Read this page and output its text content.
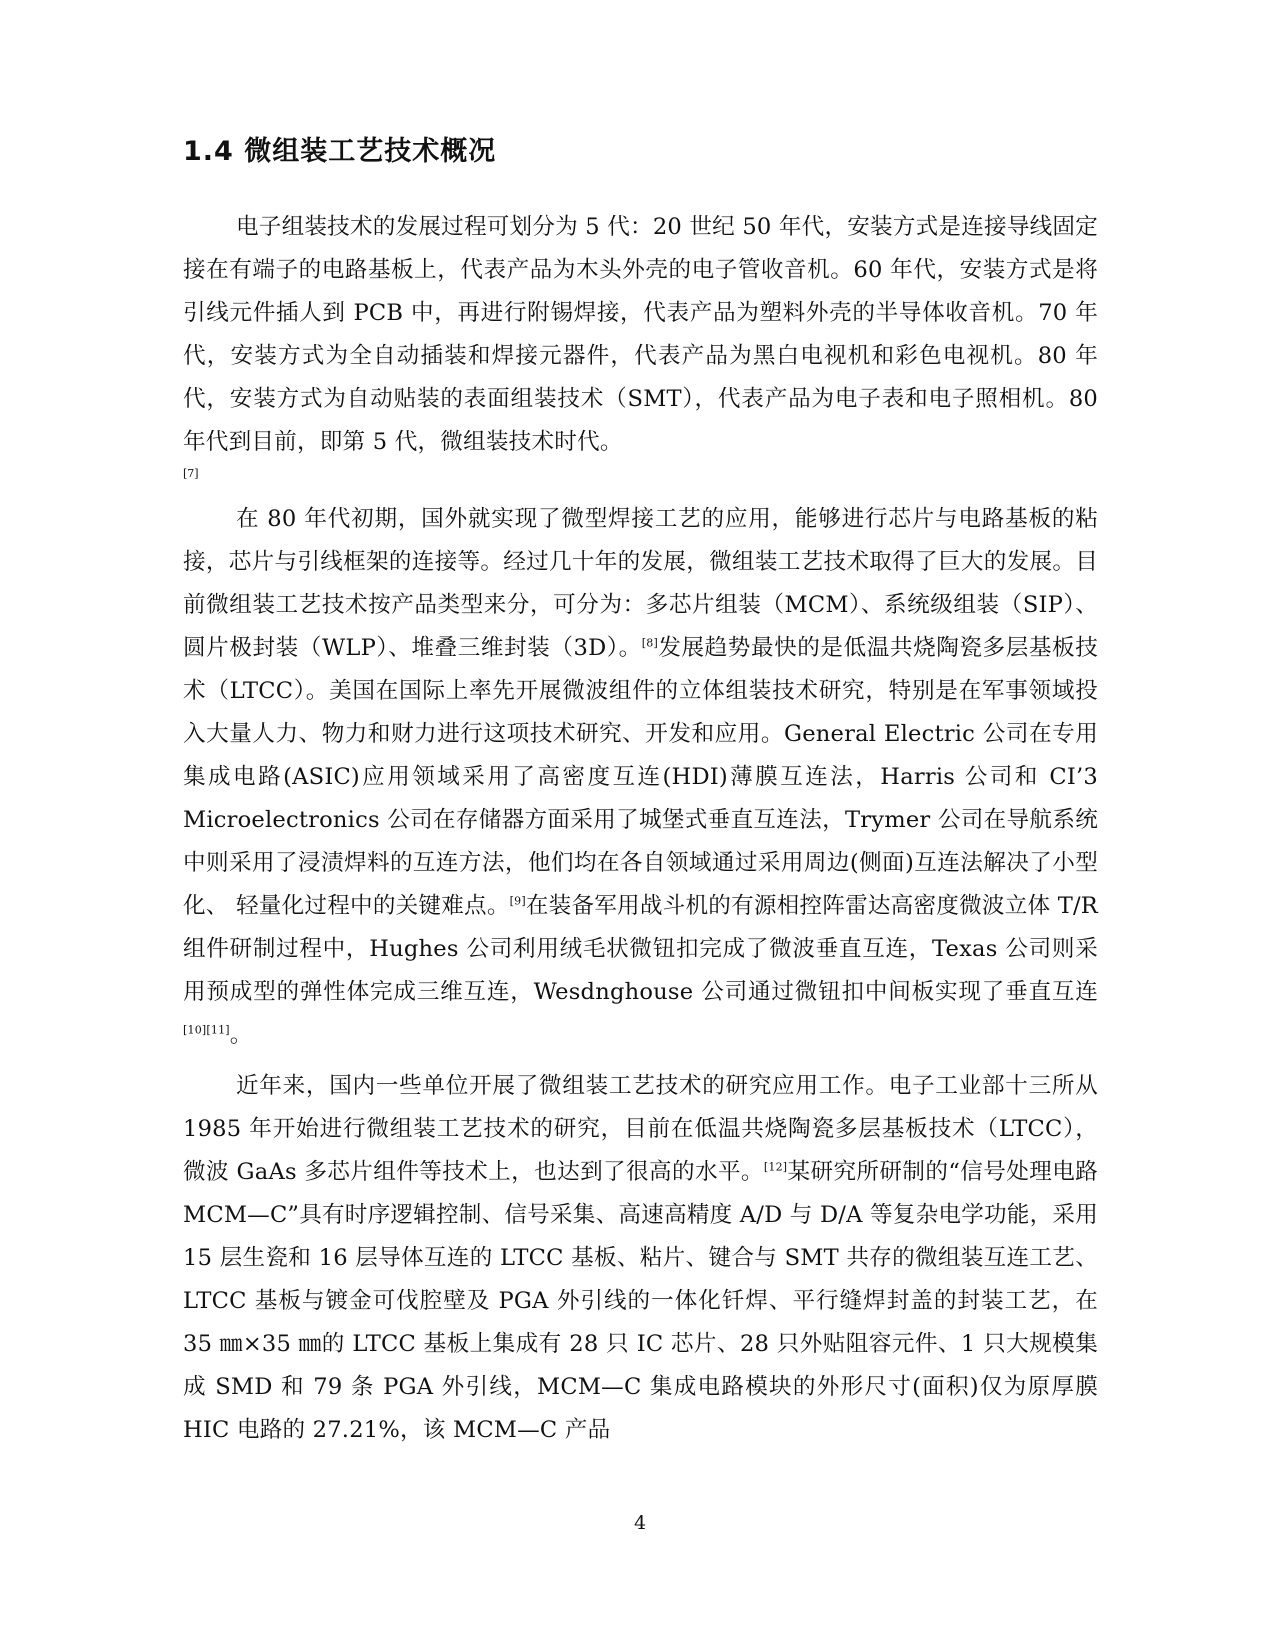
1.4 微组装工艺技术概况

电子组装技术的发展过程可划分为 5 代：20 世纪 50 年代，安装方式是连接导线固定接在有端子的电路基板上，代表产品为木头外壳的电子管收音机。60 年代，安装方式是将引线元件插人到 PCB 中，再进行附锡焊接，代表产品为塑料外壳的半导体收音机。70 年代，安装方式为全自动插装和焊接元器件，代表产品为黑白电视机和彩色电视机。80 年代，安装方式为自动贴装的表面组装技术（SMT），代表产品为电子表和电子照相机。80 年代到目前，即第 5 代，微组装技术时代。

[7]

在 80 年代初期，国外就实现了微型焊接工艺的应用，能够进行芯片与电路基板的粘接，芯片与引线框架的连接等。经过几十年的发展，微组装工艺技术取得了巨大的发展。目前微组装工艺技术按产品类型来分，可分为：多芯片组装（MCM）、系统级组装（SIP）、圆片极封装（WLP）、堆叠三维封装（3D）。[8]发展趋势最快的是低温共烧陶瓷多层基板技术（LTCC）。美国在国际上率先开展微波组件的立体组装技术研究，特别是在军事领域投入大量人力、物力和财力进行这项技术研究、开发和应用。General Electric 公司在专用集成电路(ASIC)应用领域采用了高密度互连(HDI)薄膜互连法，Harris 公司和 CI’3 Microelectronics 公司在存储器方面采用了城堡式垂直互连法，Trymer 公司在导航系统中则采用了浸渍焊料的互连方法，他们均在各自领域通过采用周边(侧面)互连法解决了小型化、 轻量化过程中的关键难点。[9]在装备军用战斗机的有源相控阵雷达高密度微波立体 T/R 组件研制过程中，Hughes 公司利用绒毛状微钮扣完成了微波垂直互连，Texas 公司则采用预成型的弹性体完成三维互连，Wesdnghouse 公司通过微钮扣中间板实现了垂直互连[10][11]。

近年来，国内一些单位开展了微组装工艺技术的研究应用工作。电子工业部十三所从 1985 年开始进行微组装工艺技术的研究，目前在低温共烧陶瓷多层基板技术（LTCC），微波 GaAs 多芯片组件等技术上，也达到了很高的水平。[12]某研究所研制的“信号处理电路 MCM—C”具有时序逻辑控制、信号采集、高速高精度 A/D 与 D/A 等复杂电学功能，采用 15 层生瓷和 16 层导体互连的 LTCC 基板、粘片、键合与 SMT 共存的微组装互连工艺、LTCC 基板与镀金可伐腔壁及 PGA 外引线的一体化钎焊、平行缝焊封盖的封装工艺，在 35 ㎜×35 ㎜的 LTCC 基板上集成有 28 只 IC 芯片、28 只外贴阻容元件、1 只大规模集成 SMD 和 79 条 PGA 外引线，MCM—C 集成电路模块的外形尺寸(面积)仅为原厚膜 HIC 电路的 27.21%，该 MCM—C 产品

4
